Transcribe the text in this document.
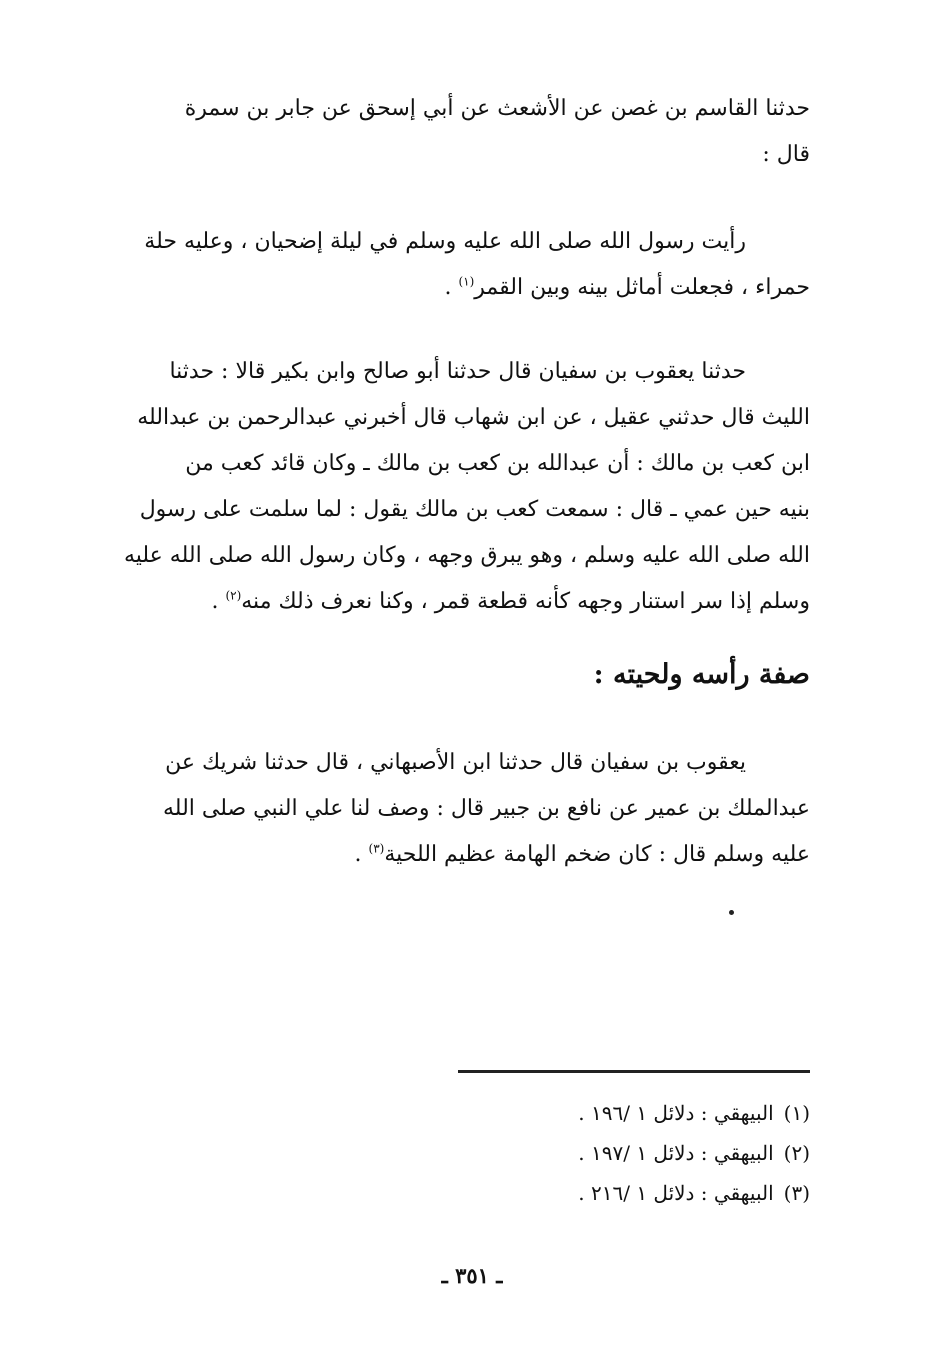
حدثنا القاسم بن غصن عن الأشعث عن أبي إسحق عن جابر بن سمرة

قال :

رأيت رسول الله صلى الله عليه وسلم في ليلة إضحيان ، وعليه حلة

حمراء ، فجعلت أماثل بينه وبين القمر$^{(١)}$ .

حدثنا يعقوب بن سفيان قال حدثنا أبو صالح وابن بكير قالا : حدثنا

الليث قال حدثني عقيل ، عن ابن شهاب قال أخبرني عبدالرحمن بن عبدالله

ابن كعب بن مالك : أن عبدالله بن كعب بن مالك ـ وكان قائد كعب من

بنيه حين عمي ـ قال : سمعت كعب بن مالك يقول : لما سلمت على رسول

الله صلى الله عليه وسلم ، وهو يبرق وجهه ، وكان رسول الله صلى الله عليه

وسلم إذا سر استنار وجهه كأنه قطعة قمر ، وكنا نعرف ذلك منه$^{(٢)}$ .

صفة رأسه ولحيته :

يعقوب بن سفيان قال حدثنا ابن الأصبهاني ، قال حدثنا شريك عن

عبدالملك بن عمير عن نافع بن جبير قال : وصف لنا علي النبي صلى الله

عليه وسلم قال : كان ضخم الهامة عظيم اللحية$^{(٣)}$ .

(١)البيهقي : دلائل ١ /١٩٦ .
(٢)البيهقي : دلائل ١ /١٩٧ .
(٣)البيهقي : دلائل ١ /٢١٦ .
ـ ٣٥١ ـ
